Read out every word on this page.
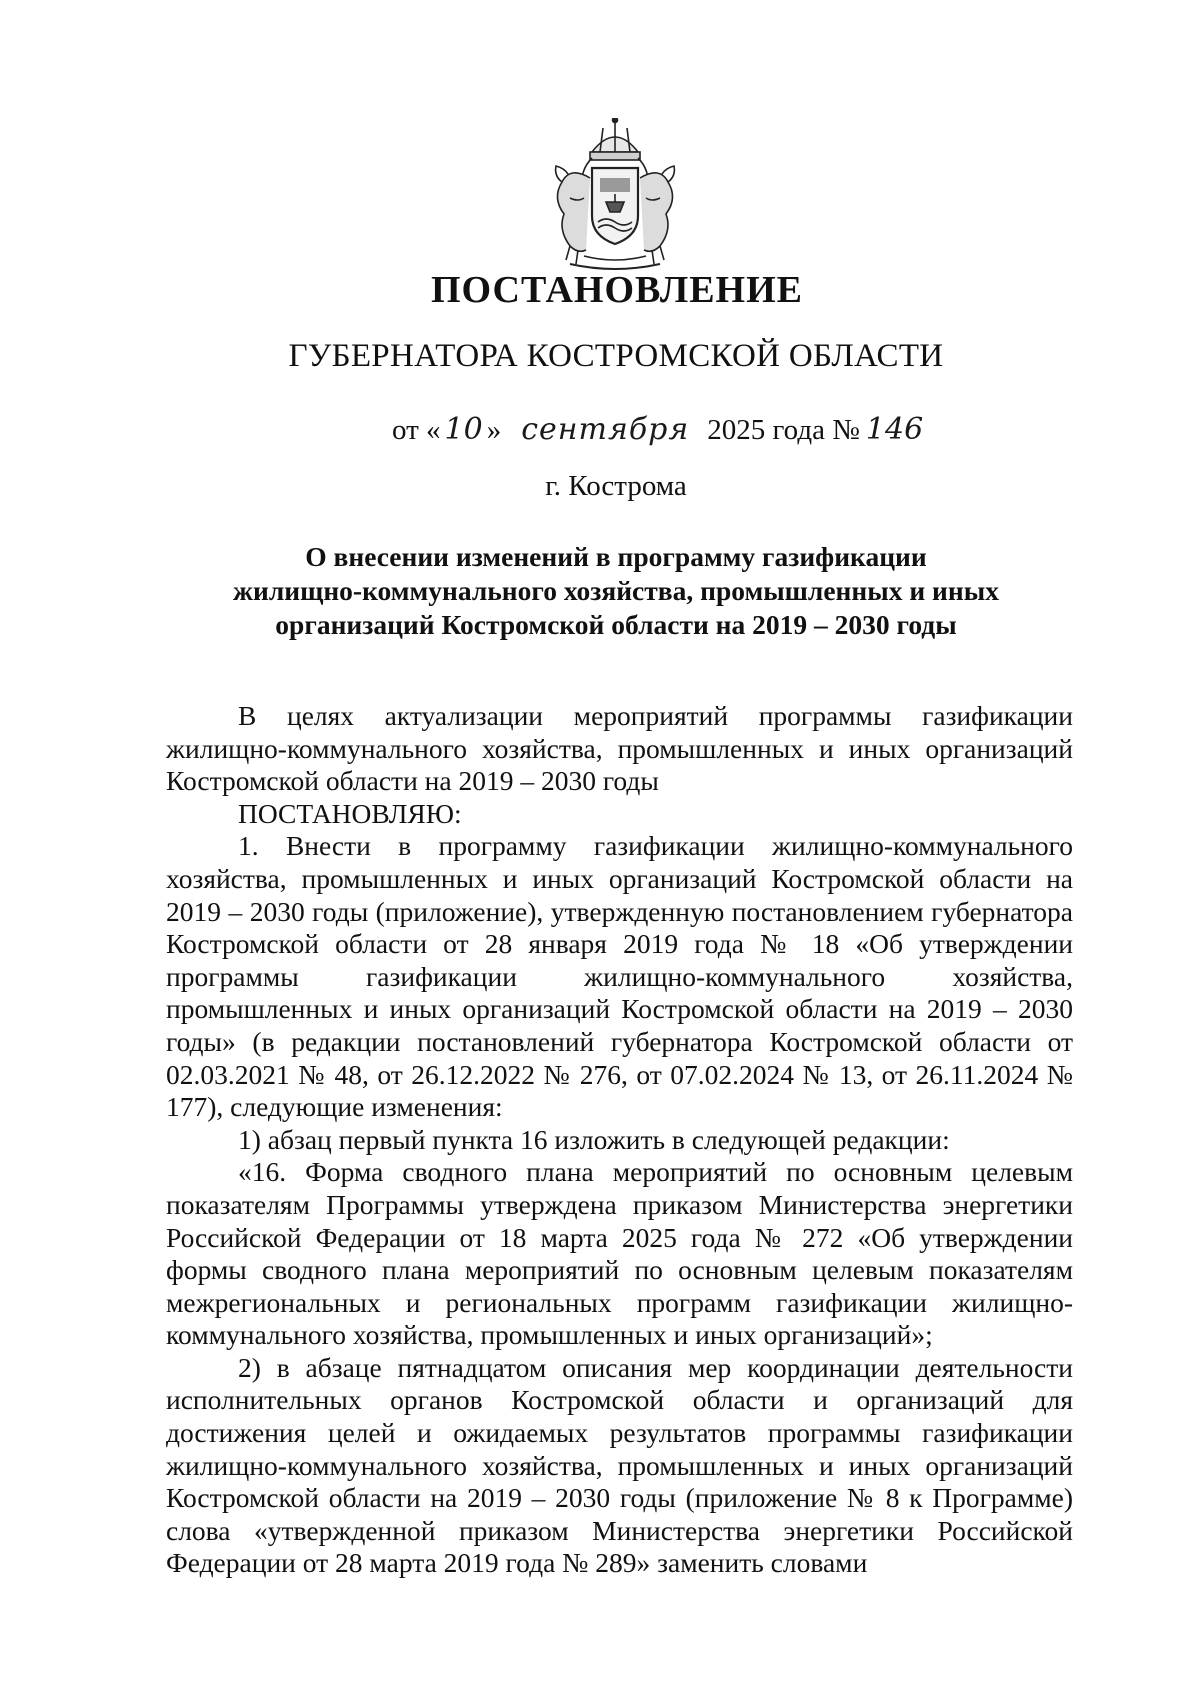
ПОСТАНОВЛЕНИЕ
ГУБЕРНАТОРА КОСТРОМСКОЙ ОБЛАСТИ
от « 10 » сентября 2025 года № 146
г. Кострома
О внесении изменений в программу газификации
жилищно-коммунального хозяйства, промышленных и иных
организаций Костромской области на 2019 – 2030 годы

В целях актуализации мероприятий программы газификации жилищно-коммунального хозяйства, промышленных и иных организаций Костромской области на 2019 – 2030 годы

ПОСТАНОВЛЯЮ:

1. Внести в программу газификации жилищно-коммунального хозяйства, промышленных и иных организаций Костромской области на 2019 – 2030 годы (приложение), утвержденную постановлением губернатора Костромской области от 28 января 2019 года № 18 «Об утверждении программы газификации жилищно-коммунального хозяйства, промышленных и иных организаций Костромской области на 2019 – 2030 годы» (в редакции постановлений губернатора Костромской области от 02.03.2021 № 48, от 26.12.2022 № 276, от 07.02.2024 № 13, от 26.11.2024 № 177), следующие изменения:

1) абзац первый пункта 16 изложить в следующей редакции:

«16. Форма сводного плана мероприятий по основным целевым показателям Программы утверждена приказом Министерства энергетики Российской Федерации от 18 марта 2025 года № 272 «Об утверждении формы сводного плана мероприятий по основным целевым показателям межрегиональных и региональных программ газификации жилищно-коммунального хозяйства, промышленных и иных организаций»;

2) в абзаце пятнадцатом описания мер координации деятельности исполнительных органов Костромской области и организаций для достижения целей и ожидаемых результатов программы газификации жилищно-коммунального хозяйства, промышленных и иных организаций Костромской области на 2019 – 2030 годы (приложение № 8 к Программе) слова «утвержденной приказом Министерства энергетики Российской Федерации от 28 марта 2019 года № 289» заменить словами
